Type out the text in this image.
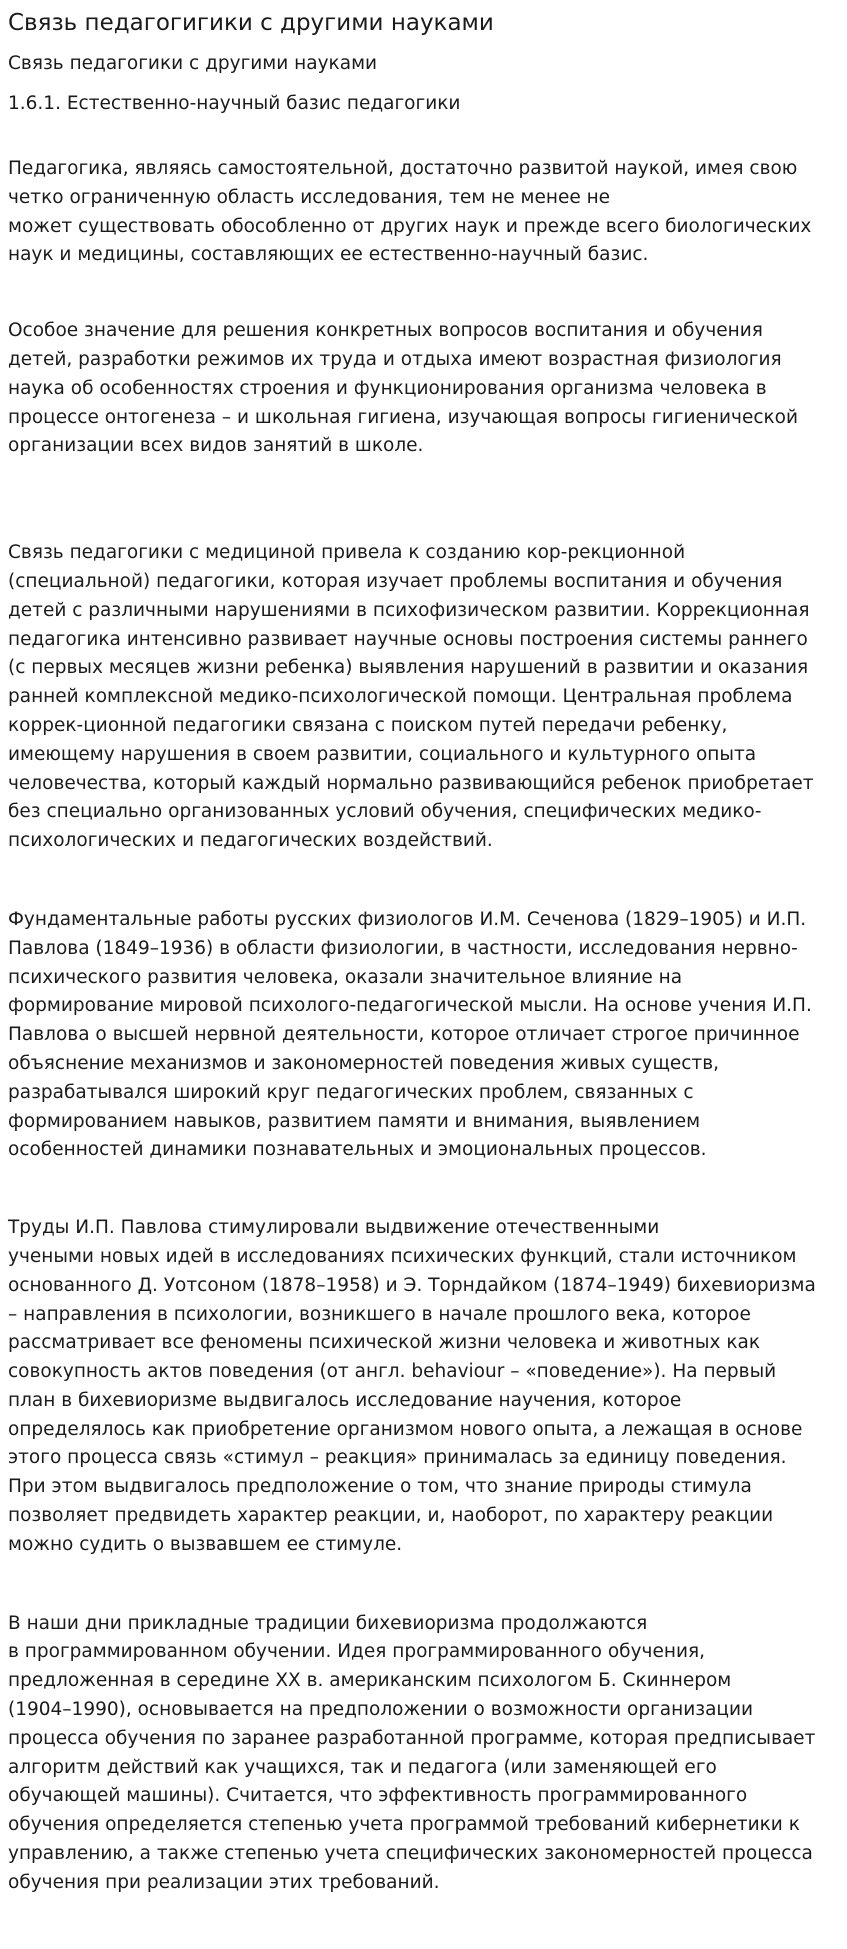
Связь педагогигики с другими науками
Связь педагогики с другими науками
1.6.1. Естественно-научный базис педагогики

Педагогика, являясь самостоятельной, достаточно развитой наукой, имея свою
четко ограниченную область исследования, тем не менее не
может существовать обособленно от других наук и прежде всего биологических
наук и медицины, составляющих ее естественно-научный базис.

Особое значение для решения конкретных вопросов воспитания и обучения
детей, разработки режимов их труда и отдыха имеют возрастная физиология
наука об особенностях строения и функционирования организма человека в
процессе онтогенеза – и школьная гигиена, изучающая вопросы гигиенической
организации всех видов занятий в школе.

Связь педагогики с медициной привела к созданию кор-рекционной
(специальной) педагогики, которая изучает проблемы воспитания и обучения
детей с различными нарушениями в психофизическом развитии. Коррекционная
педагогика интенсивно развивает научные основы построения системы раннего
(с первых месяцев жизни ребенка) выявления нарушений в развитии и оказания
ранней комплексной медико-психологической помощи. Центральная проблема
коррек-ционной педагогики связана с поиском путей передачи ребенку,
имеющему нарушения в своем развитии, социального и культурного опыта
человечества, который каждый нормально развивающийся ребенок приобретает
без специально организованных условий обучения, специфических медико-
психологических и педагогических воздействий.

Фундаментальные работы русских физиологов И.М. Сеченова (1829–1905) и И.П.
Павлова (1849–1936) в области физиологии, в частности, исследования нервно-
психического развития человека, оказали значительное влияние на
формирование мировой психолого-педагогической мысли. На основе учения И.П.
Павлова о высшей нервной деятельности, которое отличает строгое причинное
объяснение механизмов и закономерностей поведения живых существ,
разрабатывался широкий круг педагогических проблем, связанных с
формированием навыков, развитием памяти и внимания, выявлением
особенностей динамики познавательных и эмоциональных процессов.

Труды И.П. Павлова стимулировали выдвижение отечественными
учеными новых идей в исследованиях психических функций, стали источником
основанного Д. Уотсоном (1878–1958) и Э. Торндайком (1874–1949) бихевиоризма
– направления в психологии, возникшего в начале прошлого века, которое
рассматривает все феномены психической жизни человека и животных как
совокупность актов поведения (от англ. behaviour – «поведение»). На первый
план в бихевиоризме выдвигалось исследование научения, которое
определялось как приобретение организмом нового опыта, а лежащая в основе
этого процесса связь «стимул – реакция» принималась за единицу поведения.
При этом выдвигалось предположение о том, что знание природы стимула
позволяет предвидеть характер реакции, и, наоборот, по характеру реакции
можно судить о вызвавшем ее стимуле.

В наши дни прикладные традиции бихевиоризма продолжаются
в программированном обучении. Идея программированного обучения,
предложенная в середине XX в. американским психологом Б. Скиннером
(1904–1990), основывается на предположении о возможности организации
процесса обучения по заранее разработанной программе, которая предписывает
алгоритм действий как учащихся, так и педагога (или заменяющей его
обучающей машины). Считается, что эффективность программированного
обучения определяется степенью учета программой требований кибернетики к
управлению, а также степенью учета специфических закономерностей процесса
обучения при реализации этих требований.
